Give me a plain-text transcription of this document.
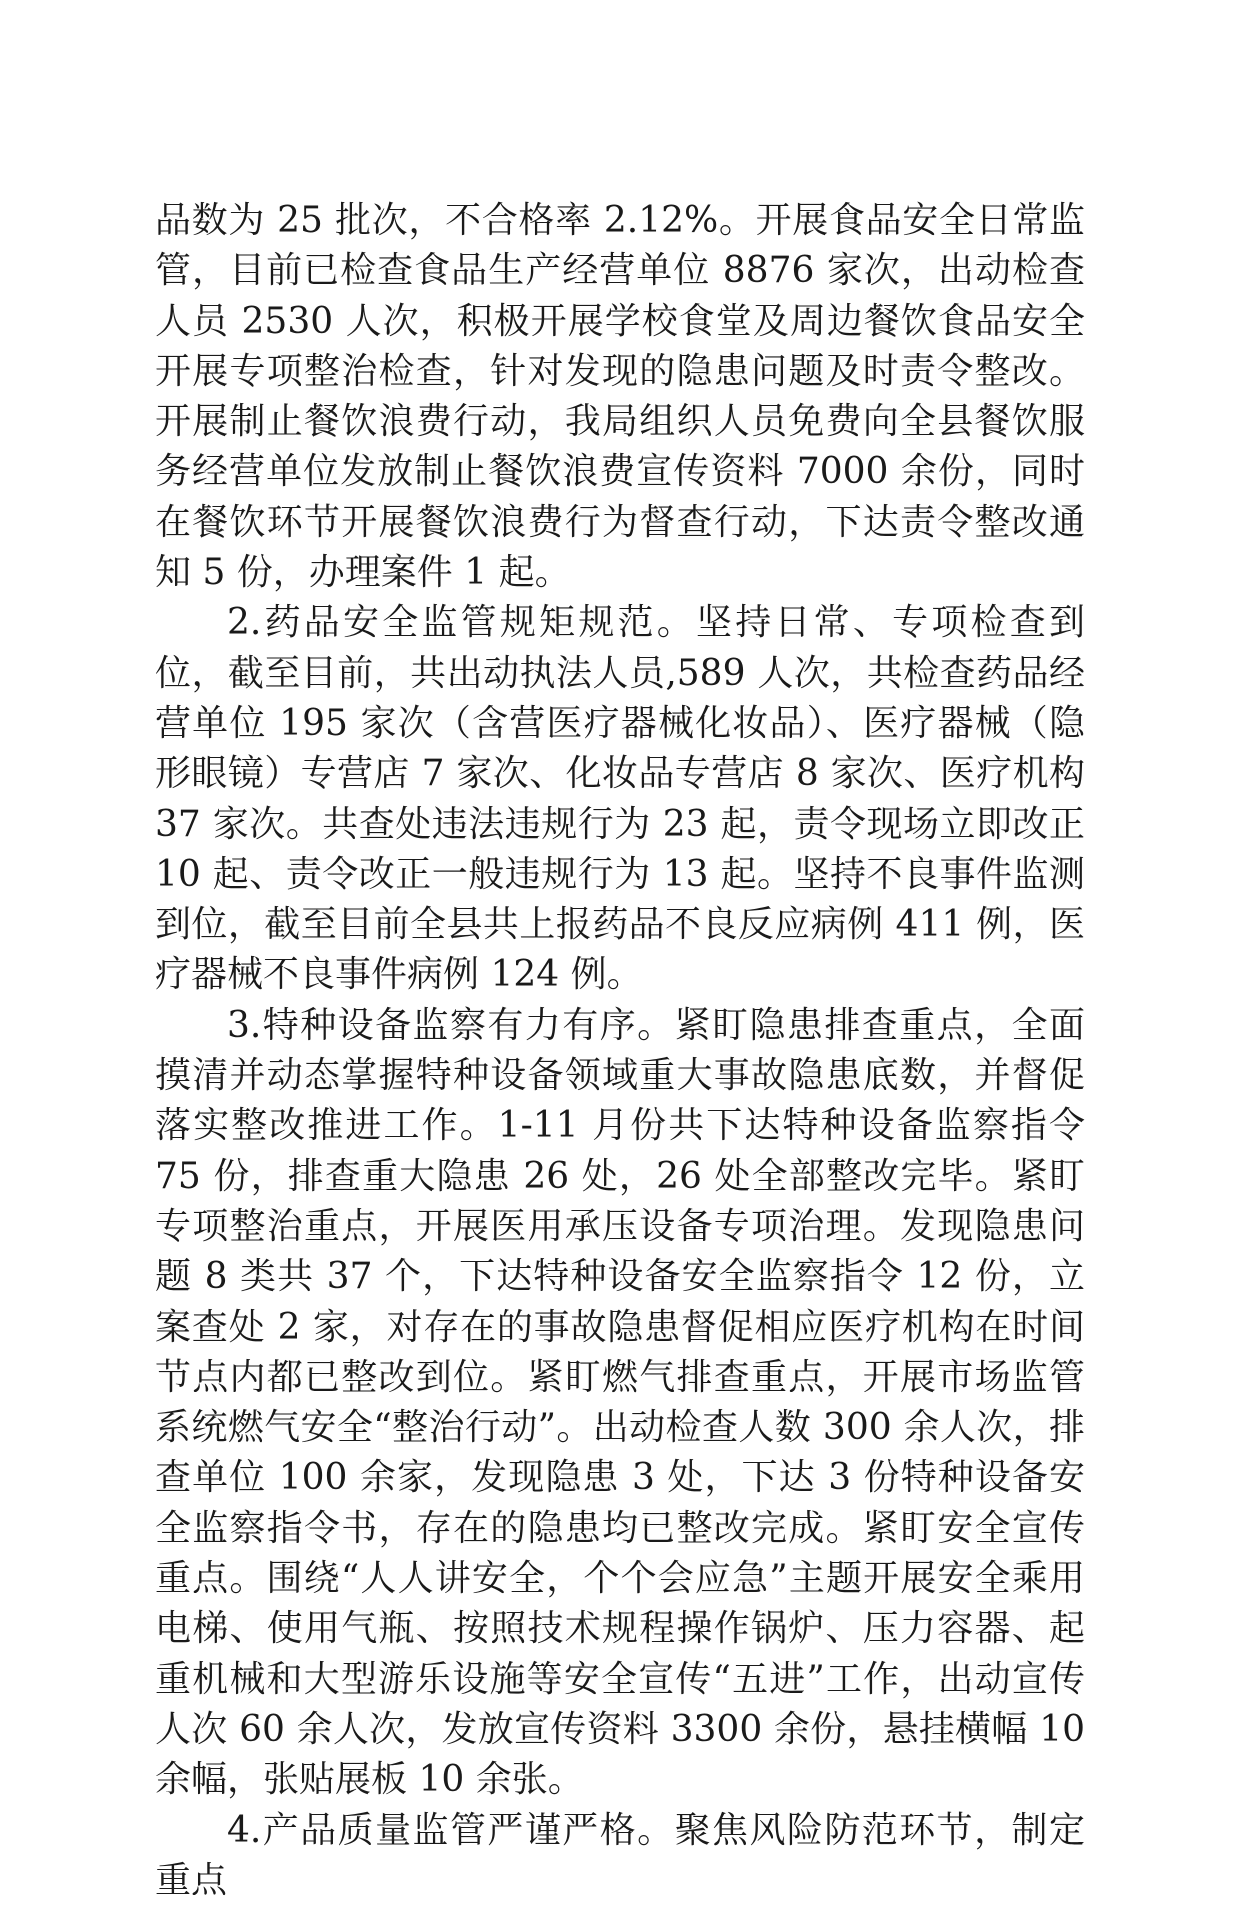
品数为 25 批次，不合格率 2.12%。开展食品安全日常监管，目前已检查食品生产经营单位 8876 家次，出动检查人员 2530 人次，积极开展学校食堂及周边餐饮食品安全开展专项整治检查，针对发现的隐患问题及时责令整改。开展制止餐饮浪费行动，我局组织人员免费向全县餐饮服务经营单位发放制止餐饮浪费宣传资料 7000 余份，同时在餐饮环节开展餐饮浪费行为督查行动，下达责令整改通知 5 份，办理案件 1 起。

2.药品安全监管规矩规范。坚持日常、专项检查到位，截至目前，共出动执法人员,589 人次，共检查药品经营单位 195 家次（含营医疗器械化妆品）、医疗器械（隐形眼镜）专营店 7 家次、化妆品专营店 8 家次、医疗机构 37 家次。共查处违法违规行为 23 起，责令现场立即改正 10 起、责令改正一般违规行为 13 起。坚持不良事件监测到位，截至目前全县共上报药品不良反应病例 411 例，医疗器械不良事件病例 124 例。

3.特种设备监察有力有序。紧盯隐患排查重点，全面摸清并动态掌握特种设备领域重大事故隐患底数，并督促落实整改推进工作。1-11 月份共下达特种设备监察指令 75 份，排查重大隐患 26 处，26 处全部整改完毕。紧盯专项整治重点，开展医用承压设备专项治理。发现隐患问题 8 类共 37 个，下达特种设备安全监察指令 12 份，立案查处 2 家，对存在的事故隐患督促相应医疗机构在时间节点内都已整改到位。紧盯燃气排查重点，开展市场监管系统燃气安全“整治行动”。出动检查人数 300 余人次，排查单位 100 余家，发现隐患 3 处，下达 3 份特种设备安全监察指令书，存在的隐患均已整改完成。紧盯安全宣传重点。围绕“人人讲安全，个个会应急”主题开展安全乘用电梯、使用气瓶、按照技术规程操作锅炉、压力容器、起重机械和大型游乐设施等安全宣传“五进”工作，出动宣传人次 60 余人次，发放宣传资料 3300 余份，悬挂横幅 10 余幅，张贴展板 10 余张。

4.产品质量监管严谨严格。聚焦风险防范环节，制定重点
